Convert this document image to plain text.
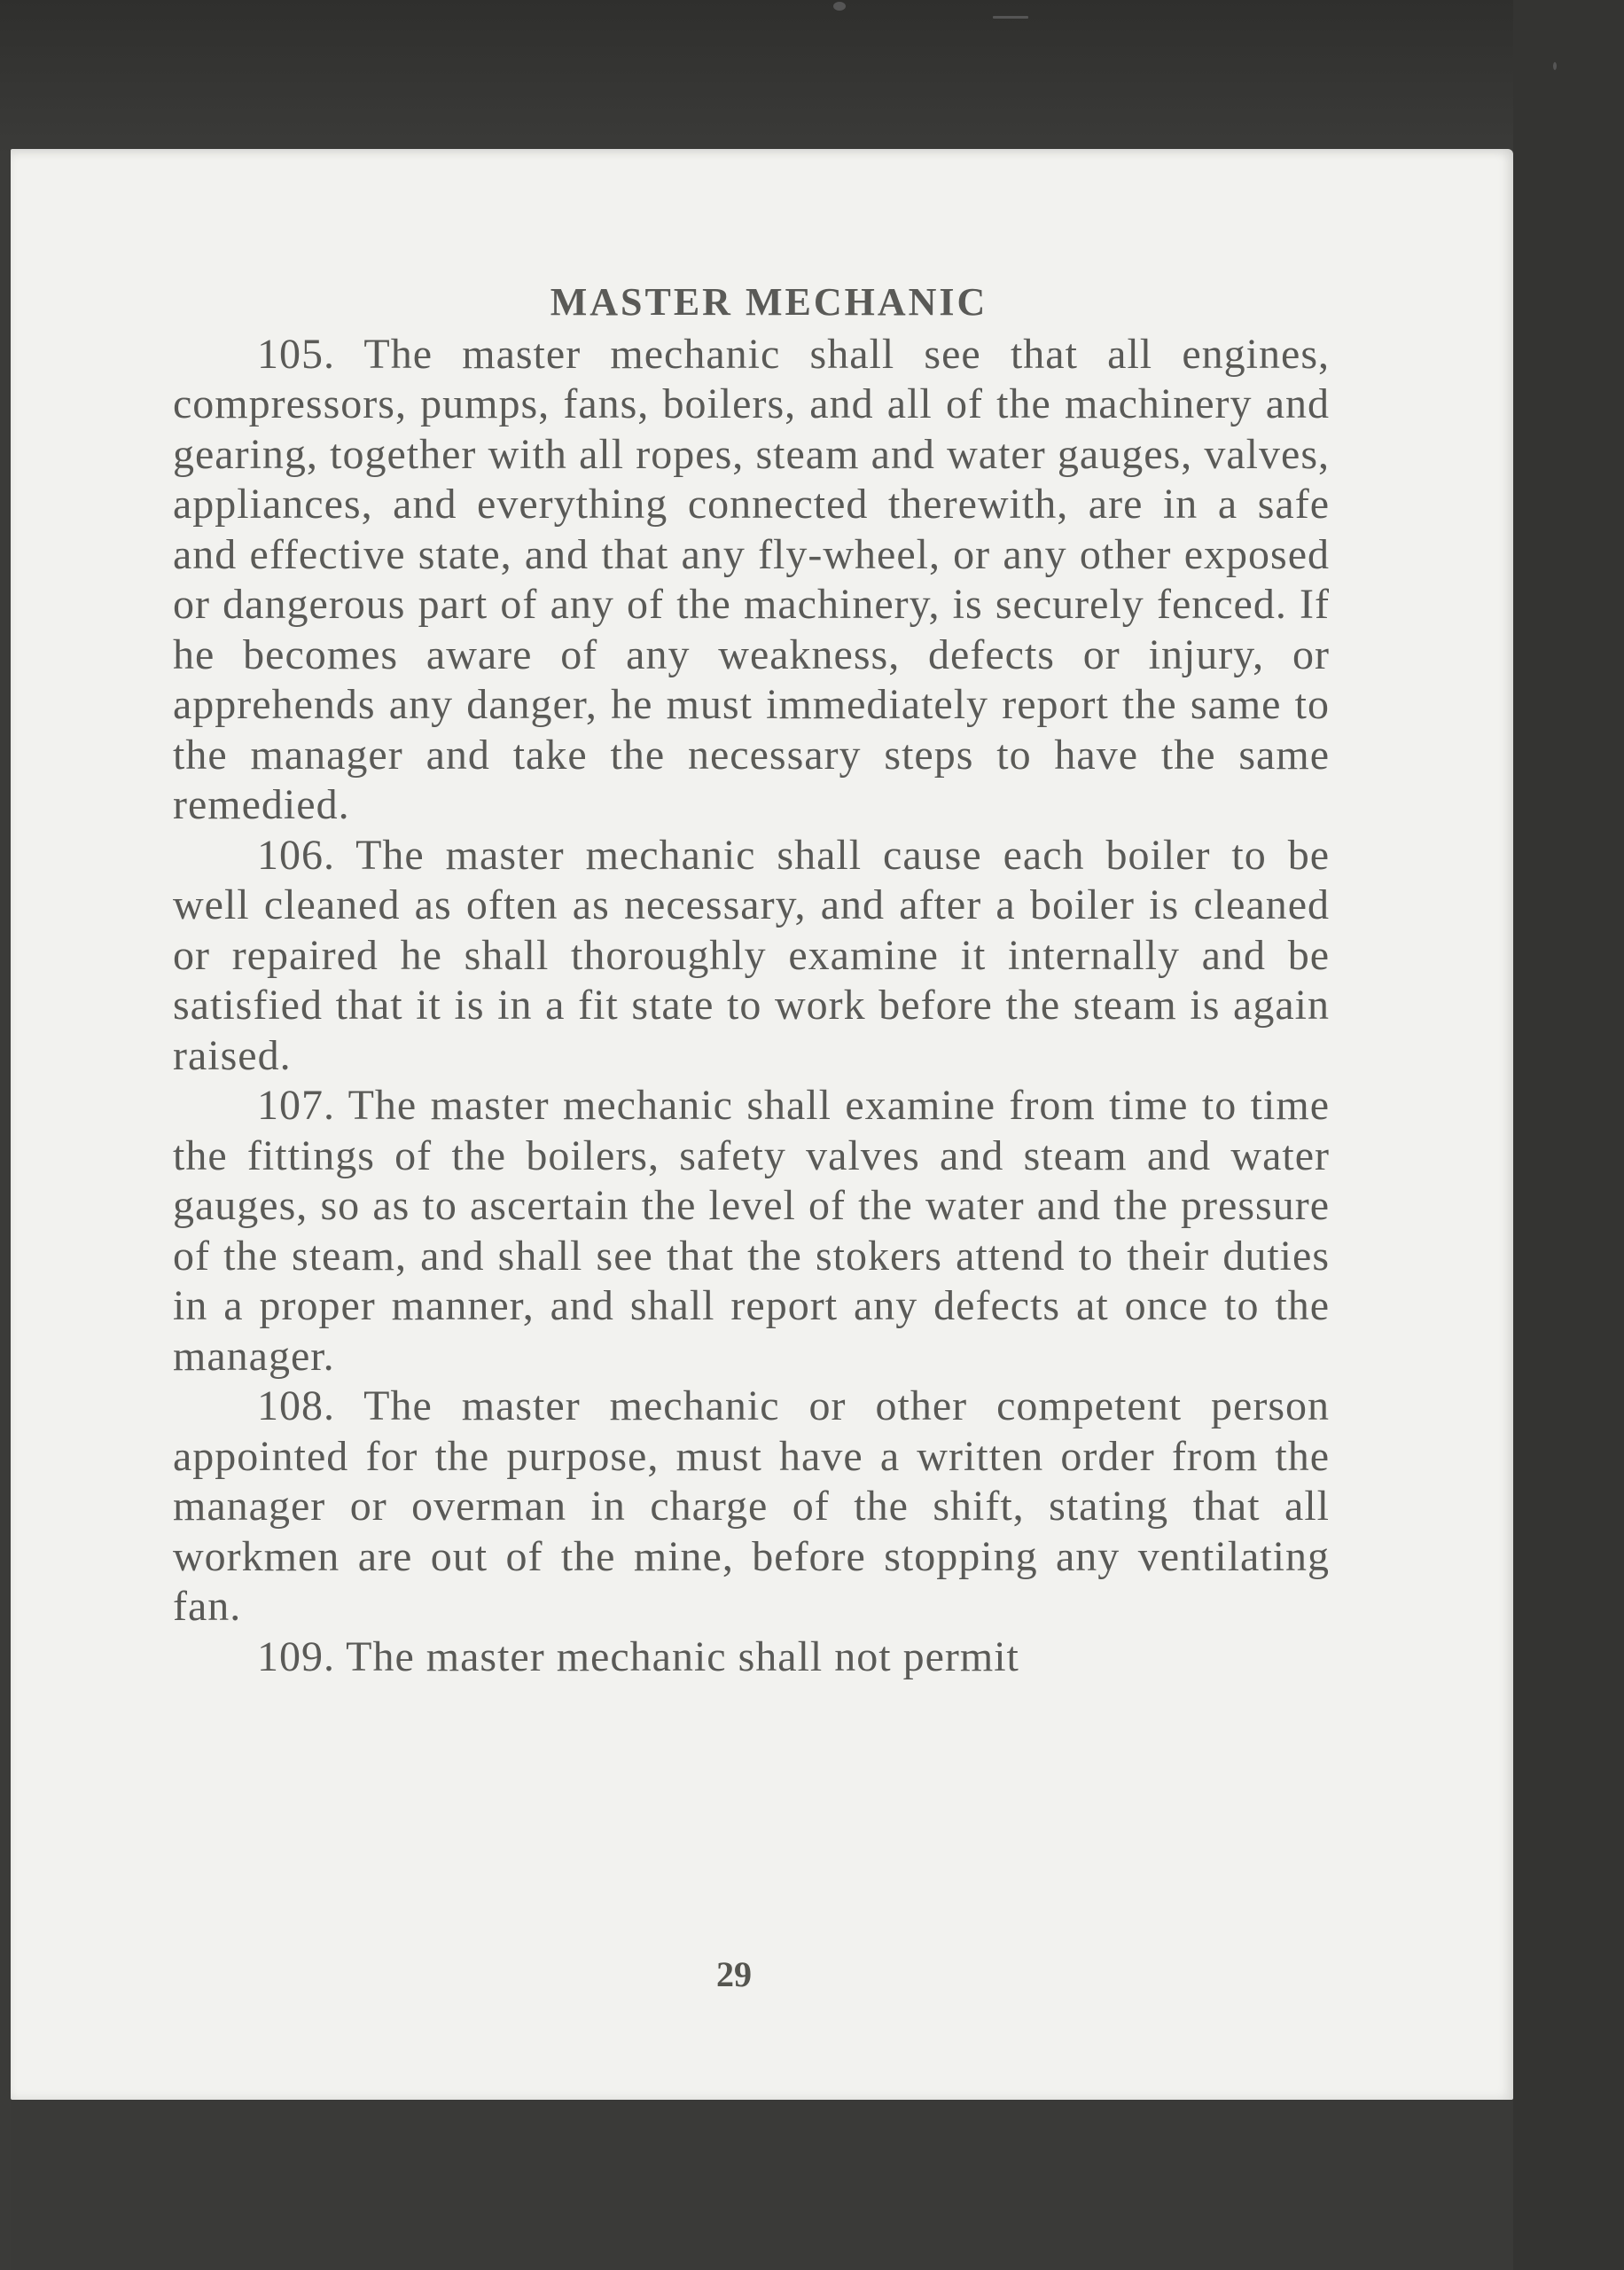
MASTER MECHANIC

105. The master mechanic shall see that all engines, compressors, pumps, fans, boilers, and all of the machinery and gearing, together with all ropes, steam and water gauges, valves, appliances, and everything connected therewith, are in a safe and effective state, and that any fly-wheel, or any other exposed or dangerous part of any of the machinery, is securely fenced. If he becomes aware of any weakness, defects or injury, or apprehends any danger, he must immediately report the same to the manager and take the necessary steps to have the same remedied.

106. The master mechanic shall cause each boiler to be well cleaned as often as necessary, and after a boiler is cleaned or repaired he shall thoroughly examine it internally and be satisfied that it is in a fit state to work before the steam is again raised.

107. The master mechanic shall examine from time to time the fittings of the boilers, safety valves and steam and water gauges, so as to ascertain the level of the water and the pressure of the steam, and shall see that the stokers attend to their duties in a proper manner, and shall report any defects at once to the manager.

108. The master mechanic or other competent person appointed for the purpose, must have a written order from the manager or overman in charge of the shift, stating that all workmen are out of the mine, before stopping any ventilating fan.

109. The master mechanic shall not permit

29
